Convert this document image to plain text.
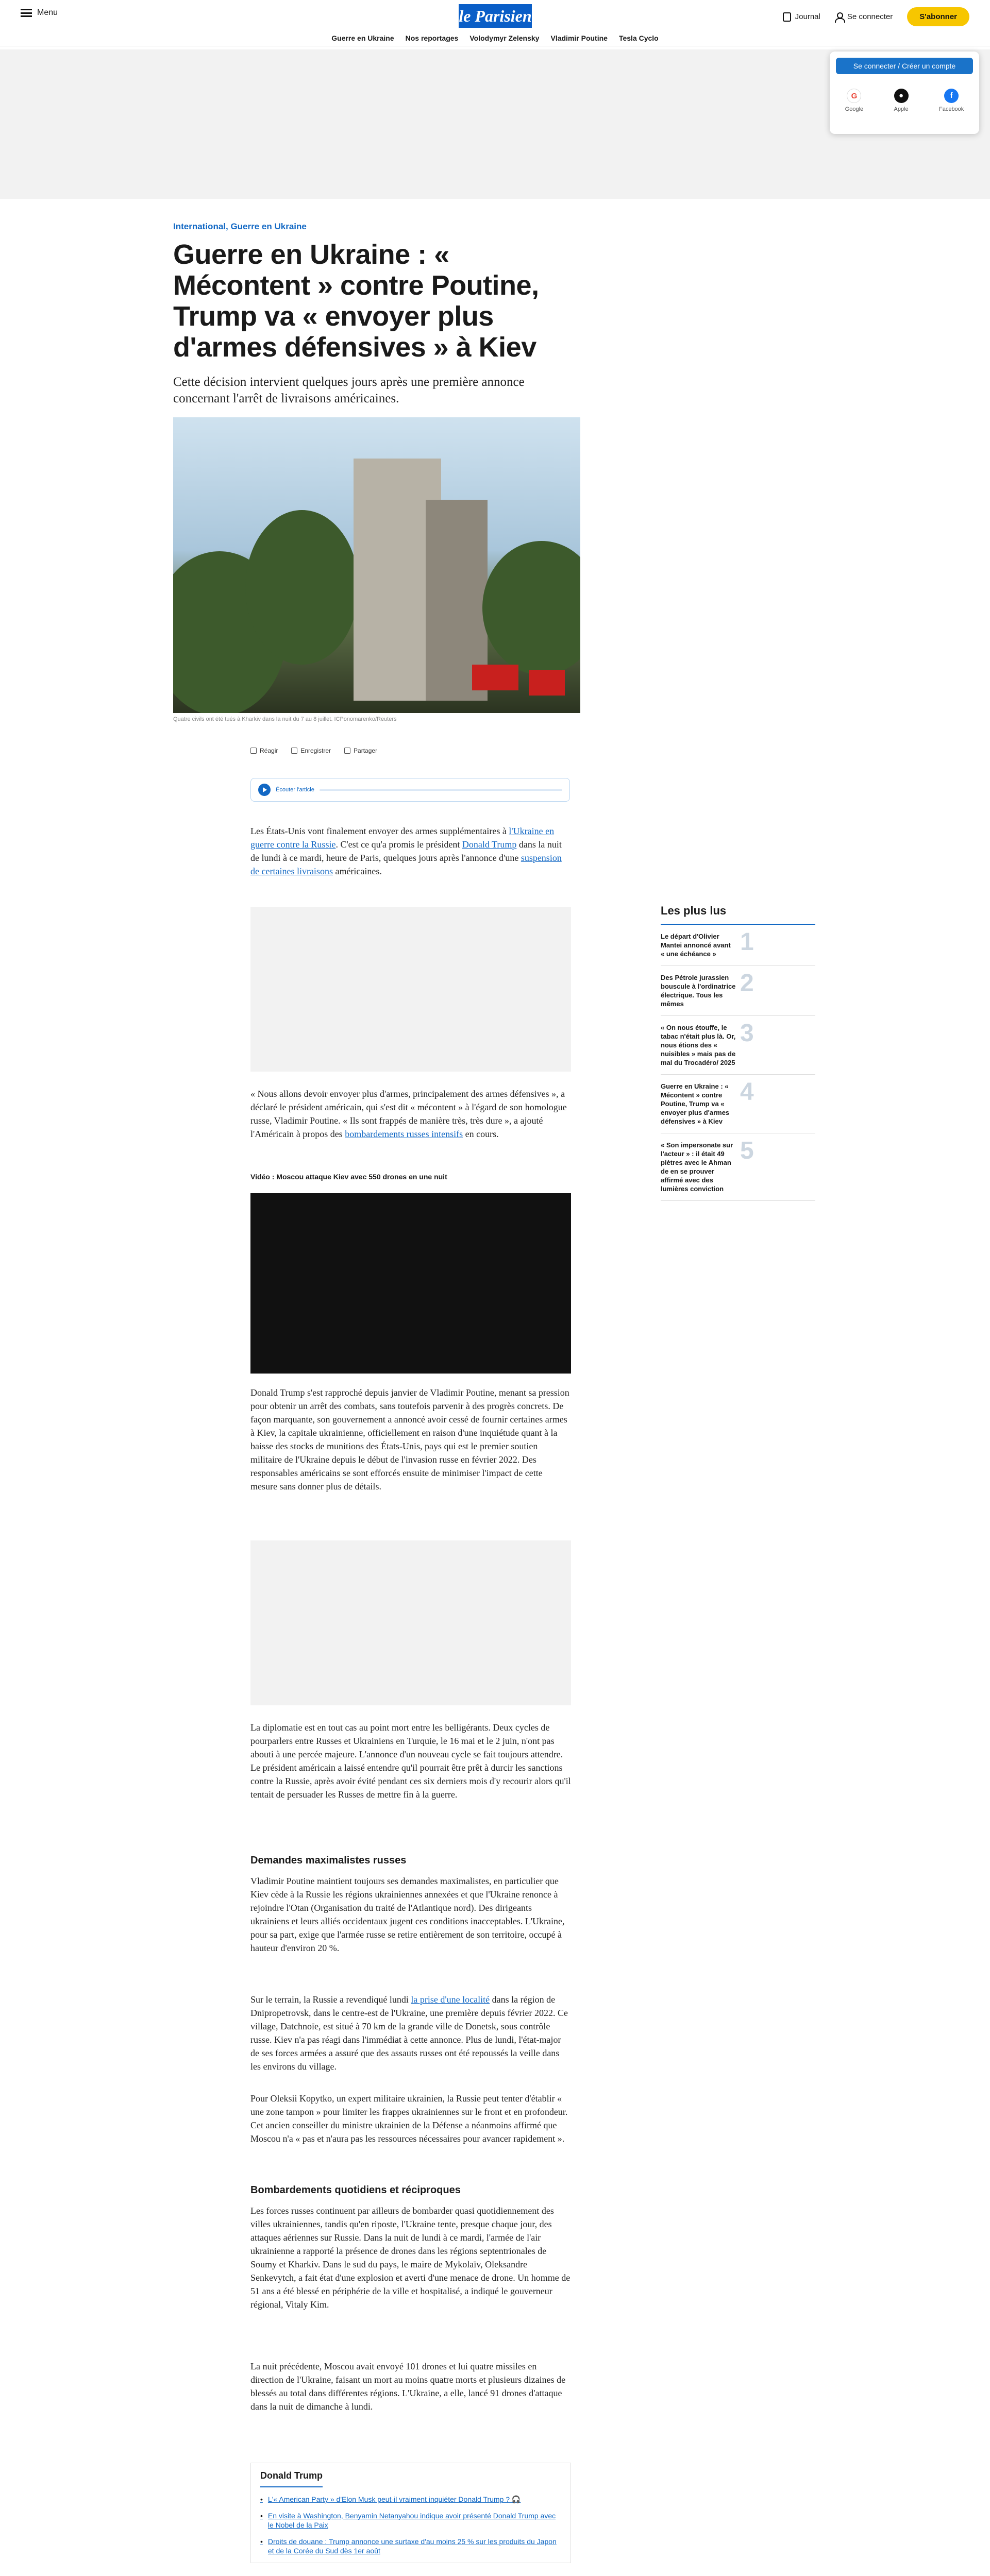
Menu	le Parisien	Journal	Se connecter	S'abonner
Guerre en Ukraine Nos reportages Volodymyr Zelensky Vladimir Poutine Tesla Cyclo
Se connecter / Créer un compte
G
Google
●
Apple
f
Facebook
International, Guerre en Ukraine
Guerre en Ukraine : « Mécontent » contre Poutine, Trump va « envoyer plus d'armes défensives » à Kiev

Cette décision intervient quelques jours après une première annonce concernant l'arrêt de livraisons américaines.

Quatre civils ont été tués à Kharkiv dans la nuit du 7 au 8 juillet. ICPonomarenko/Reuters
Réagir	Enregistrer	Partager
Écouter l'article

Les États-Unis vont finalement envoyer des armes supplémentaires à l'Ukraine en guerre contre la Russie. C'est ce qu'a promis le président Donald Trump dans la nuit de lundi à ce mardi, heure de Paris, quelques jours après l'annonce d'une suspension de certaines livraisons américaines.

« Nous allons devoir envoyer plus d'armes, principalement des armes défensives », a déclaré le président américain, qui s'est dit « mécontent » à l'égard de son homologue russe, Vladimir Poutine. « Ils sont frappés de manière très, très dure », a ajouté l'Américain à propos des bombardements russes intensifs en cours.

Vidéo : Moscou attaque Kiev avec 550 drones en une nuit

Donald Trump s'est rapproché depuis janvier de Vladimir Poutine, menant sa pression pour obtenir un arrêt des combats, sans toutefois parvenir à des progrès concrets. De façon marquante, son gouvernement a annoncé avoir cessé de fournir certaines armes à Kiev, la capitale ukrainienne, officiellement en raison d'une inquiétude quant à la baisse des stocks de munitions des États-Unis, pays qui est le premier soutien militaire de l'Ukraine depuis le début de l'invasion russe en février 2022. Des responsables américains se sont efforcés ensuite de minimiser l'impact de cette mesure sans donner plus de détails.

La diplomatie est en tout cas au point mort entre les belligérants. Deux cycles de pourparlers entre Russes et Ukrainiens en Turquie, le 16 mai et le 2 juin, n'ont pas abouti à une percée majeure. L'annonce d'un nouveau cycle se fait toujours attendre. Le président américain a laissé entendre qu'il pourrait être prêt à durcir les sanctions contre la Russie, après avoir évité pendant ces six derniers mois d'y recourir alors qu'il tentait de persuader les Russes de mettre fin à la guerre.

Demandes maximalistes russes

Vladimir Poutine maintient toujours ses demandes maximalistes, en particulier que Kiev cède à la Russie les régions ukrainiennes annexées et que l'Ukraine renonce à rejoindre l'Otan (Organisation du traité de l'Atlantique nord). Des dirigeants ukrainiens et leurs alliés occidentaux jugent ces conditions inacceptables. L'Ukraine, pour sa part, exige que l'armée russe se retire entièrement de son territoire, occupé à hauteur d'environ 20 %.

Sur le terrain, la Russie a revendiqué lundi la prise d'une localité dans la région de Dnipropetrovsk, dans le centre-est de l'Ukraine, une première depuis février 2022. Ce village, Datchnoïe, est situé à 70 km de la grande ville de Donetsk, sous contrôle russe. Kiev n'a pas réagi dans l'immédiat à cette annonce. Plus de lundi, l'état-major de ses forces armées a assuré que des assauts russes ont été repoussés la veille dans les environs du village.

Pour Oleksii Kopytko, un expert militaire ukrainien, la Russie peut tenter d'établir « une zone tampon » pour limiter les frappes ukrainiennes sur le front et en profondeur. Cet ancien conseiller du ministre ukrainien de la Défense a néanmoins affirmé que Moscou n'a « pas et n'aura pas les ressources nécessaires pour avancer rapidement ».

Bombardements quotidiens et réciproques

Les forces russes continuent par ailleurs de bombarder quasi quotidiennement des villes ukrainiennes, tandis qu'en riposte, l'Ukraine tente, presque chaque jour, des attaques aériennes sur Russie. Dans la nuit de lundi à ce mardi, l'armée de l'air ukrainienne a rapporté la présence de drones dans les régions septentrionales de Soumy et Kharkiv. Dans le sud du pays, le maire de Mykolaïv, Oleksandre Senkevytch, a fait état d'une explosion et averti d'une menace de drone. Un homme de 51 ans a été blessé en périphérie de la ville et hospitalisé, a indiqué le gouverneur régional, Vitaly Kim.

La nuit précédente, Moscou avait envoyé 101 drones et lui quatre missiles en direction de l'Ukraine, faisant un mort au moins quatre morts et plusieurs dizaines de blessés au total dans différentes régions. L'Ukraine, a elle, lancé 91 drones d'attaque dans la nuit de dimanche à lundi.

Donald Trump
• L'« American Party » d'Elon Musk peut-il vraiment inquiéter Donald Trump ? 🎧
• En visite à Washington, Benyamin Netanyahou indique avoir présenté Donald Trump avec le Nobel de la Paix
• Droits de douane : Trump annonce une surtaxe d'au moins 25 % sur les produits du Japon et de la Corée du Sud dès 1er août
Les plus lus
1
Le départ d'Olivier Mantei annoncé avant « une échéance »
2
Des Pétrole jurassien bouscule à l'ordinatrice électrique. Tous les mêmes
3
« On nous étouffe, le tabac n'était plus là. Or, nous étions des « nuisibles » mais pas de mal du Trocadéro/ 2025
4
Guerre en Ukraine : « Mécontent » contre Poutine, Trump va « envoyer plus d'armes défensives » à Kiev
5
« Son impersonate sur l'acteur » : il était 49 piètres avec le Ahman de en se prouver affirmé avec des lumières conviction
